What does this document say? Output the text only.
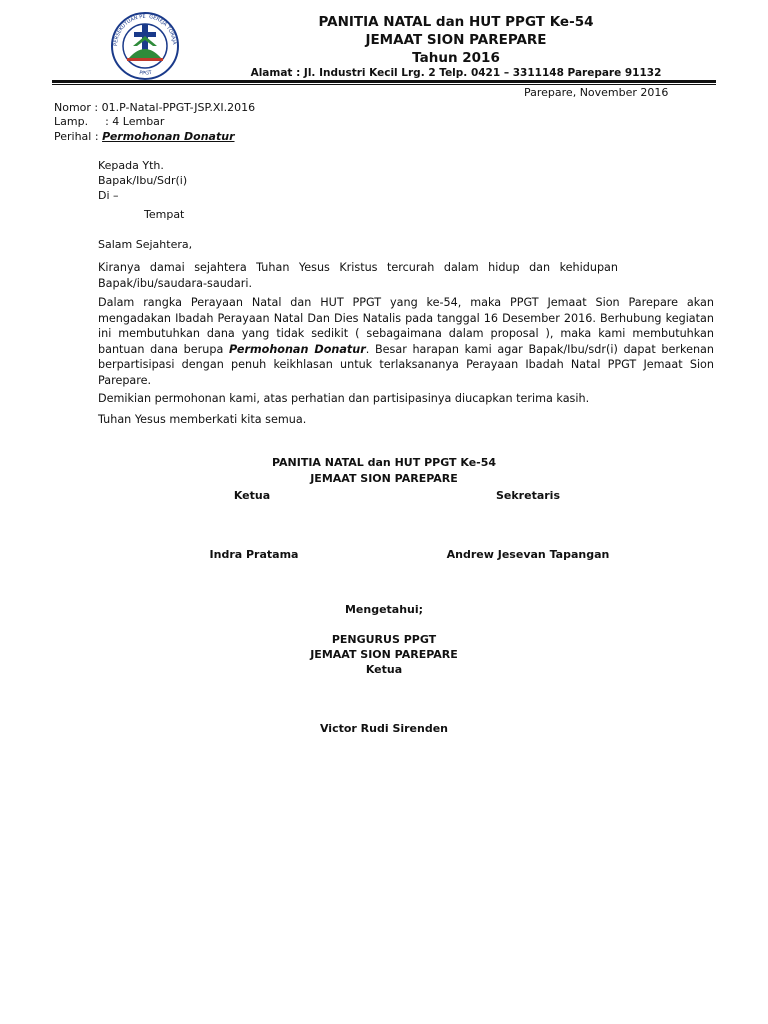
PERSEKUTUAN PE GEREJA TORAJA
PPGT
PANITIA NATAL dan HUT PPGT Ke-54
JEMAAT SION PAREPARE
Tahun 2016
Alamat : Jl. Industri Kecil Lrg. 2 Telp. 0421 – 3311148 Parepare 91132
Parepare, November 2016
Nomor : 01.P-Natal-PPGT-JSP.XI.2016
Lamp. : 4 Lembar
Perihal : Permohonan Donatur
Kepada Yth.
Bapak/Ibu/Sdr(i)
Di –
Tempat
Salam Sejahtera,
Kiranya damai sejahtera Tuhan Yesus Kristus tercurah dalam hidup dan kehidupan Bapak/ibu/saudara-saudari.
Dalam rangka Perayaan Natal dan HUT PPGT yang ke-54, maka PPGT Jemaat Sion Parepare akan mengadakan Ibadah Perayaan Natal Dan Dies Natalis pada tanggal 16 Desember 2016. Berhubung kegiatan ini membutuhkan dana yang tidak sedikit ( sebagaimana dalam proposal ), maka kami membutuhkan bantuan dana berupa Permohonan Donatur. Besar harapan kami agar Bapak/Ibu/sdr(i) dapat berkenan berpartisipasi dengan penuh keikhlasan untuk terlaksananya Perayaan Ibadah Natal PPGT Jemaat Sion Parepare.
Demikian permohonan kami, atas perhatian dan partisipasinya diucapkan terima kasih.
Tuhan Yesus memberkati kita semua.
PANITIA NATAL dan HUT PPGT Ke-54
JEMAAT SION PAREPARE
Ketua	Sekretaris
Indra Pratama	Andrew Jesevan Tapangan
Mengetahui;
PENGURUS PPGT
JEMAAT SION PAREPARE
Ketua
Victor Rudi Sirenden
